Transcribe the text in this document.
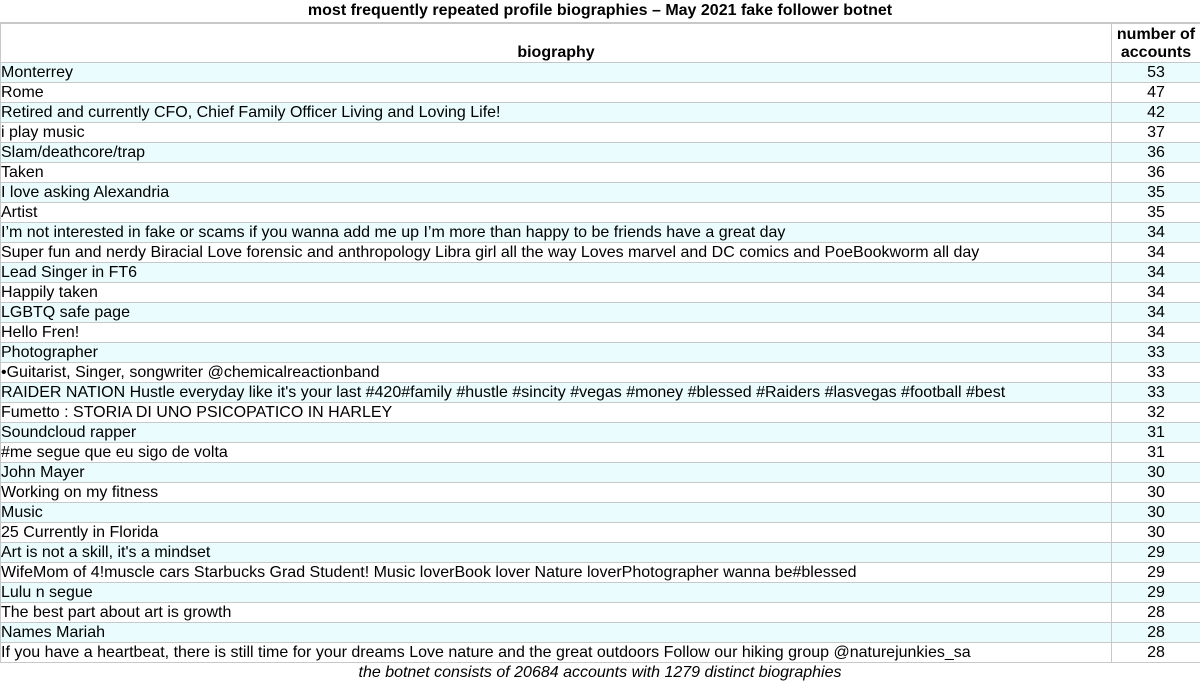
most frequently repeated profile biographies – May 2021 fake follower botnet
biography	number of
accounts
Monterrey	53
Rome	47
Retired and currently CFO, Chief Family Officer Living and Loving Life!	42
i play music	37
Slam/deathcore/trap	36
Taken	36
I love asking Alexandria	35
Artist	35
I’m not interested in fake or scams if you wanna add me up I’m more than happy to be friends have a great day	34
Super fun and nerdy Biracial Love forensic and anthropology Libra girl all the way Loves marvel and DC comics and PoeBookworm all day	34
Lead Singer in FT6	34
Happily taken	34
LGBTQ safe page	34
Hello Fren!	34
Photographer	33
•Guitarist, Singer, songwriter @chemicalreactionband	33
RAIDER NATION Hustle everyday like it's your last #420#family #hustle #sincity #vegas #money #blessed #Raiders #lasvegas #football #best	33
Fumetto : STORIA DI UNO PSICOPATICO IN HARLEY	32
Soundcloud rapper	31
#me segue que eu sigo de volta	31
John Mayer	30
Working on my fitness	30
Music	30
25 Currently in Florida	30
Art is not a skill, it's a mindset	29
WifeMom of 4!muscle cars Starbucks Grad Student! Music loverBook lover Nature loverPhotographer wanna be#blessed	29
Lulu n segue	29
The best part about art is growth	28
Names Mariah	28
If you have a heartbeat, there is still time for your dreams Love nature and the great outdoors Follow our hiking group @naturejunkies_sa	28
the botnet consists of 20684 accounts with 1279 distinct biographies
